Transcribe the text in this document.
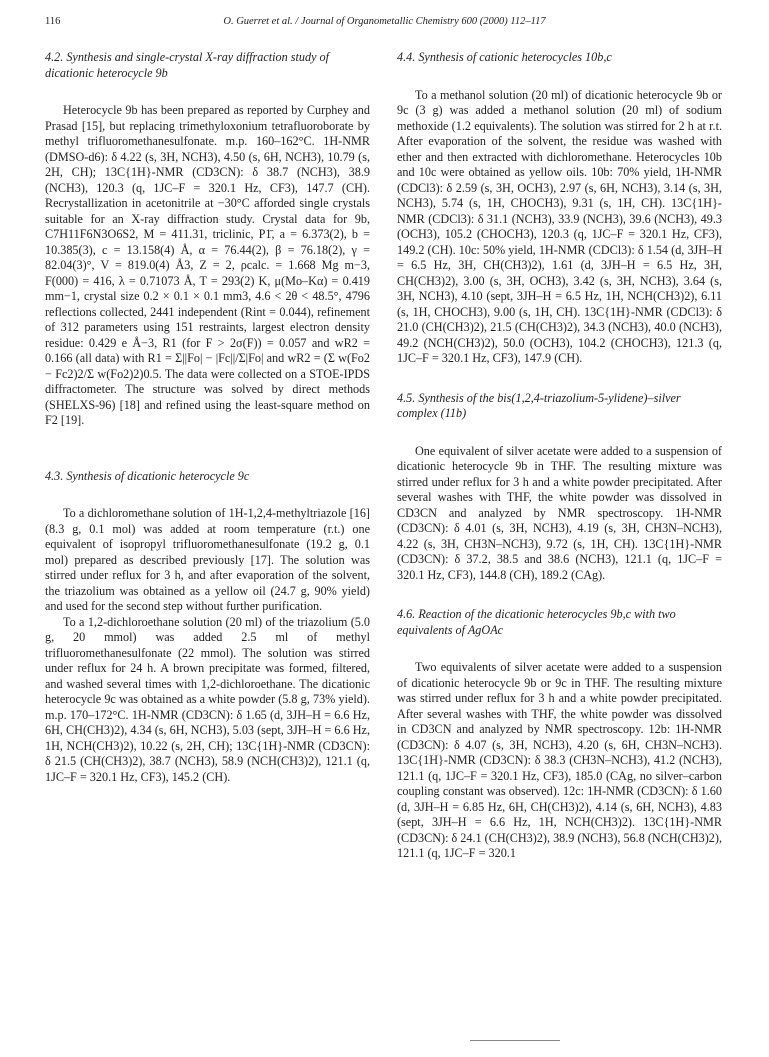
116	O. Guerret et al. / Journal of Organometallic Chemistry 600 (2000) 112–117
4.2. Synthesis and single-crystal X-ray diffraction study of dicationic heterocycle 9b

Heterocycle 9b has been prepared as reported by Curphey and Prasad [15], but replacing trimethyloxonium tetrafluoroborate by methyl trifluoromethanesulfonate. m.p. 160–162°C. 1H-NMR (DMSO-d6): δ 4.22 (s, 3H, NCH3), 4.50 (s, 6H, NCH3), 10.79 (s, 2H, CH); 13C{1H}-NMR (CD3CN): δ 38.7 (NCH3), 38.9 (NCH3), 120.3 (q, 1JC–F = 320.1 Hz, CF3), 147.7 (CH). Recrystallization in acetonitrile at −30°C afforded single crystals suitable for an X-ray diffraction study. Crystal data for 9b, C7H11F6N3O6S2, M = 411.31, triclinic, P1̄, a = 6.373(2), b = 10.385(3), c = 13.158(4) Å, α = 76.44(2), β = 76.18(2), γ = 82.04(3)°, V = 819.0(4) Å3, Z = 2, ρcalc. = 1.668 Mg m−3, F(000) = 416, λ = 0.71073 Å, T = 293(2) K, μ(Mo–Kα) = 0.419 mm−1, crystal size 0.2 × 0.1 × 0.1 mm3, 4.6 < 2θ < 48.5°, 4796 reflections collected, 2441 independent (Rint = 0.044), refinement of 312 parameters using 151 restraints, largest electron density residue: 0.429 e Å−3, R1 (for F > 2σ(F)) = 0.057 and wR2 = 0.166 (all data) with R1 = Σ||Fo| − |Fc||/Σ|Fo| and wR2 = (Σ w(Fo2 − Fc2)2/Σ w(Fo2)2)0.5. The data were collected on a STOE-IPDS diffractometer. The structure was solved by direct methods (SHELXS-96) [18] and refined using the least-square method on F2 [19].

4.3. Synthesis of dicationic heterocycle 9c

To a dichloromethane solution of 1H-1,2,4-methyltriazole [16] (8.3 g, 0.1 mol) was added at room temperature (r.t.) one equivalent of isopropyl trifluoromethanesulfonate (19.2 g, 0.1 mol) prepared as described previously [17]. The solution was stirred under reflux for 3 h, and after evaporation of the solvent, the triazolium was obtained as a yellow oil (24.7 g, 90% yield) and used for the second step without further purification.

To a 1,2-dichloroethane solution (20 ml) of the triazolium (5.0 g, 20 mmol) was added 2.5 ml of methyl trifluoromethanesulfonate (22 mmol). The solution was stirred under reflux for 24 h. A brown precipitate was formed, filtered, and washed several times with 1,2-dichloroethane. The dicationic heterocycle 9c was obtained as a white powder (5.8 g, 73% yield). m.p. 170–172°C. 1H-NMR (CD3CN): δ 1.65 (d, 3JH–H = 6.6 Hz, 6H, CH(CH3)2), 4.34 (s, 6H, NCH3), 5.03 (sept, 3JH–H = 6.6 Hz, 1H, NCH(CH3)2), 10.22 (s, 2H, CH); 13C{1H}-NMR (CD3CN): δ 21.5 (CH(CH3)2), 38.7 (NCH3), 58.9 (NCH(CH3)2), 121.1 (q, 1JC–F = 320.1 Hz, CF3), 145.2 (CH).

4.4. Synthesis of cationic heterocycles 10b,c

To a methanol solution (20 ml) of dicationic heterocycle 9b or 9c (3 g) was added a methanol solution (20 ml) of sodium methoxide (1.2 equivalents). The solution was stirred for 2 h at r.t. After evaporation of the solvent, the residue was washed with ether and then extracted with dichloromethane. Heterocycles 10b and 10c were obtained as yellow oils. 10b: 70% yield, 1H-NMR (CDCl3): δ 2.59 (s, 3H, OCH3), 2.97 (s, 6H, NCH3), 3.14 (s, 3H, NCH3), 5.74 (s, 1H, CHOCH3), 9.31 (s, 1H, CH). 13C{1H}-NMR (CDCl3): δ 31.1 (NCH3), 33.9 (NCH3), 39.6 (NCH3), 49.3 (OCH3), 105.2 (CHOCH3), 120.3 (q, 1JC–F = 320.1 Hz, CF3), 149.2 (CH). 10c: 50% yield, 1H-NMR (CDCl3): δ 1.54 (d, 3JH–H = 6.5 Hz, 3H, CH(CH3)2), 1.61 (d, 3JH–H = 6.5 Hz, 3H, CH(CH3)2), 3.00 (s, 3H, OCH3), 3.42 (s, 3H, NCH3), 3.64 (s, 3H, NCH3), 4.10 (sept, 3JH–H = 6.5 Hz, 1H, NCH(CH3)2), 6.11 (s, 1H, CHOCH3), 9.00 (s, 1H, CH). 13C{1H}-NMR (CDCl3): δ 21.0 (CH(CH3)2), 21.5 (CH(CH3)2), 34.3 (NCH3), 40.0 (NCH3), 49.2 (NCH(CH3)2), 50.0 (OCH3), 104.2 (CHOCH3), 121.3 (q, 1JC–F = 320.1 Hz, CF3), 147.9 (CH).

4.5. Synthesis of the bis(1,2,4-triazolium-5-ylidene)–silver complex (11b)

One equivalent of silver acetate were added to a suspension of dicationic heterocycle 9b in THF. The resulting mixture was stirred under reflux for 3 h and a white powder precipitated. After several washes with THF, the white powder was dissolved in CD3CN and analyzed by NMR spectroscopy. 1H-NMR (CD3CN): δ 4.01 (s, 3H, NCH3), 4.19 (s, 3H, CH3N–NCH3), 4.22 (s, 3H, CH3N–NCH3), 9.72 (s, 1H, CH). 13C{1H}-NMR (CD3CN): δ 37.2, 38.5 and 38.6 (NCH3), 121.1 (q, 1JC–F = 320.1 Hz, CF3), 144.8 (CH), 189.2 (CAg).

4.6. Reaction of the dicationic heterocycles 9b,c with two equivalents of AgOAc

Two equivalents of silver acetate were added to a suspension of dicationic heterocycle 9b or 9c in THF. The resulting mixture was stirred under reflux for 3 h and a white powder precipitated. After several washes with THF, the white powder was dissolved in CD3CN and analyzed by NMR spectroscopy. 12b: 1H-NMR (CD3CN): δ 4.07 (s, 3H, NCH3), 4.20 (s, 6H, CH3N–NCH3). 13C{1H}-NMR (CD3CN): δ 38.3 (CH3N–NCH3), 41.2 (NCH3), 121.1 (q, 1JC–F = 320.1 Hz, CF3), 185.0 (CAg, no silver–carbon coupling constant was observed). 12c: 1H-NMR (CD3CN): δ 1.60 (d, 3JH–H = 6.85 Hz, 6H, CH(CH3)2), 4.14 (s, 6H, NCH3), 4.83 (sept, 3JH–H = 6.6 Hz, 1H, NCH(CH3)2). 13C{1H}-NMR (CD3CN): δ 24.1 (CH(CH3)2), 38.9 (NCH3), 56.8 (NCH(CH3)2), 121.1 (q, 1JC–F = 320.1
